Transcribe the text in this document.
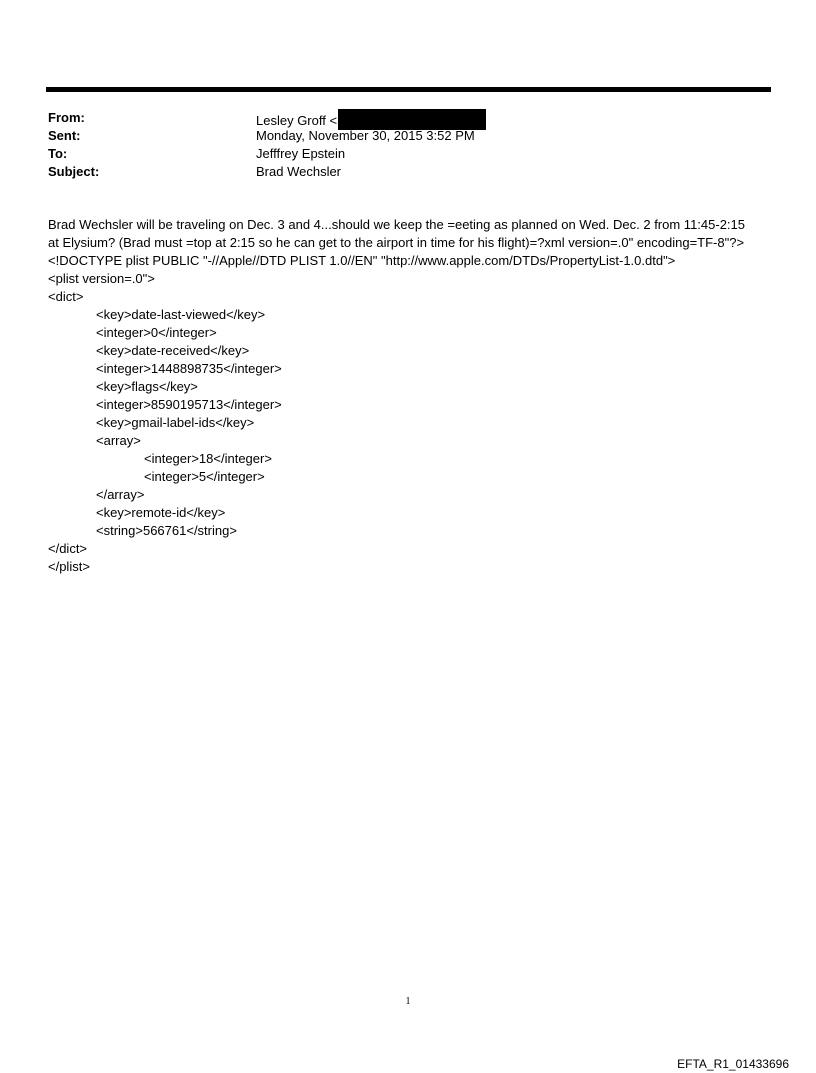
From:	Lesley Groff <
Sent:	Monday, November 30, 2015 3:52 PM
To:	Jefffrey Epstein
Subject:	Brad Wechsler
Brad Wechsler will be traveling on Dec. 3 and 4...should we keep the =eeting as planned on Wed. Dec. 2 from 11:45-2:15
at Elysium? (Brad must =top at 2:15 so he can get to the airport in time for his flight)=?xml version=.0" encoding=TF-8"?>
<!DOCTYPE plist PUBLIC "-//Apple//DTD PLIST 1.0//EN" "http://www.apple.com/DTDs/PropertyList-1.0.dtd">
<plist version=.0">
<dict>
<key>date-last-viewed</key>
<integer>0</integer>
<key>date-received</key>
<integer>1448898735</integer>
<key>flags</key>
<integer>8590195713</integer>
<key>gmail-label-ids</key>
<array>
<integer>18</integer>
<integer>5</integer>
</array>
<key>remote-id</key>
<string>566761</string>
</dict>
</plist>
1
EFTA_R1_01433696
